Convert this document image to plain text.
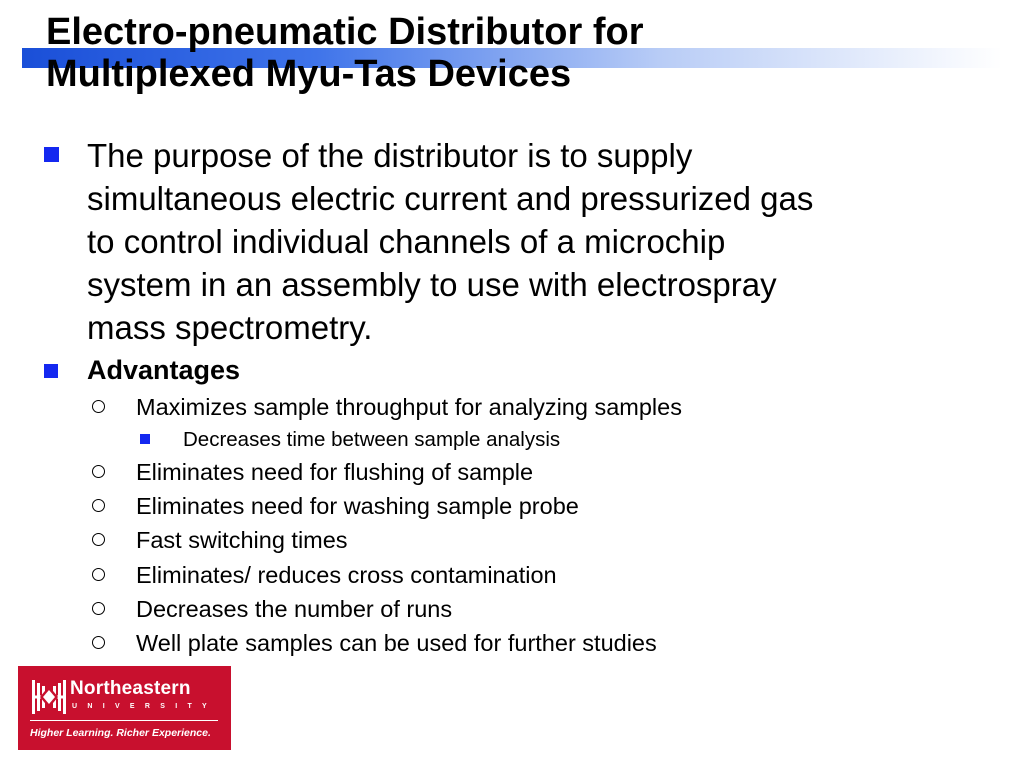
Electro-pneumatic Distributor for
Multiplexed Myu-Tas Devices
The purpose of the distributor is to supply
simultaneous electric current and pressurized gas
to control individual channels of a microchip
system in an assembly to use with electrospray
mass spectrometry.
Advantages
Maximizes sample throughput for analyzing samples
Decreases time between sample analysis
Eliminates need for flushing of sample
Eliminates need for washing sample probe
Fast switching times
Eliminates/ reduces cross contamination
Decreases the number of runs
Well plate samples can be used for further studies
Northeastern
UNIVERSITY
Higher Learning. Richer Experience.
